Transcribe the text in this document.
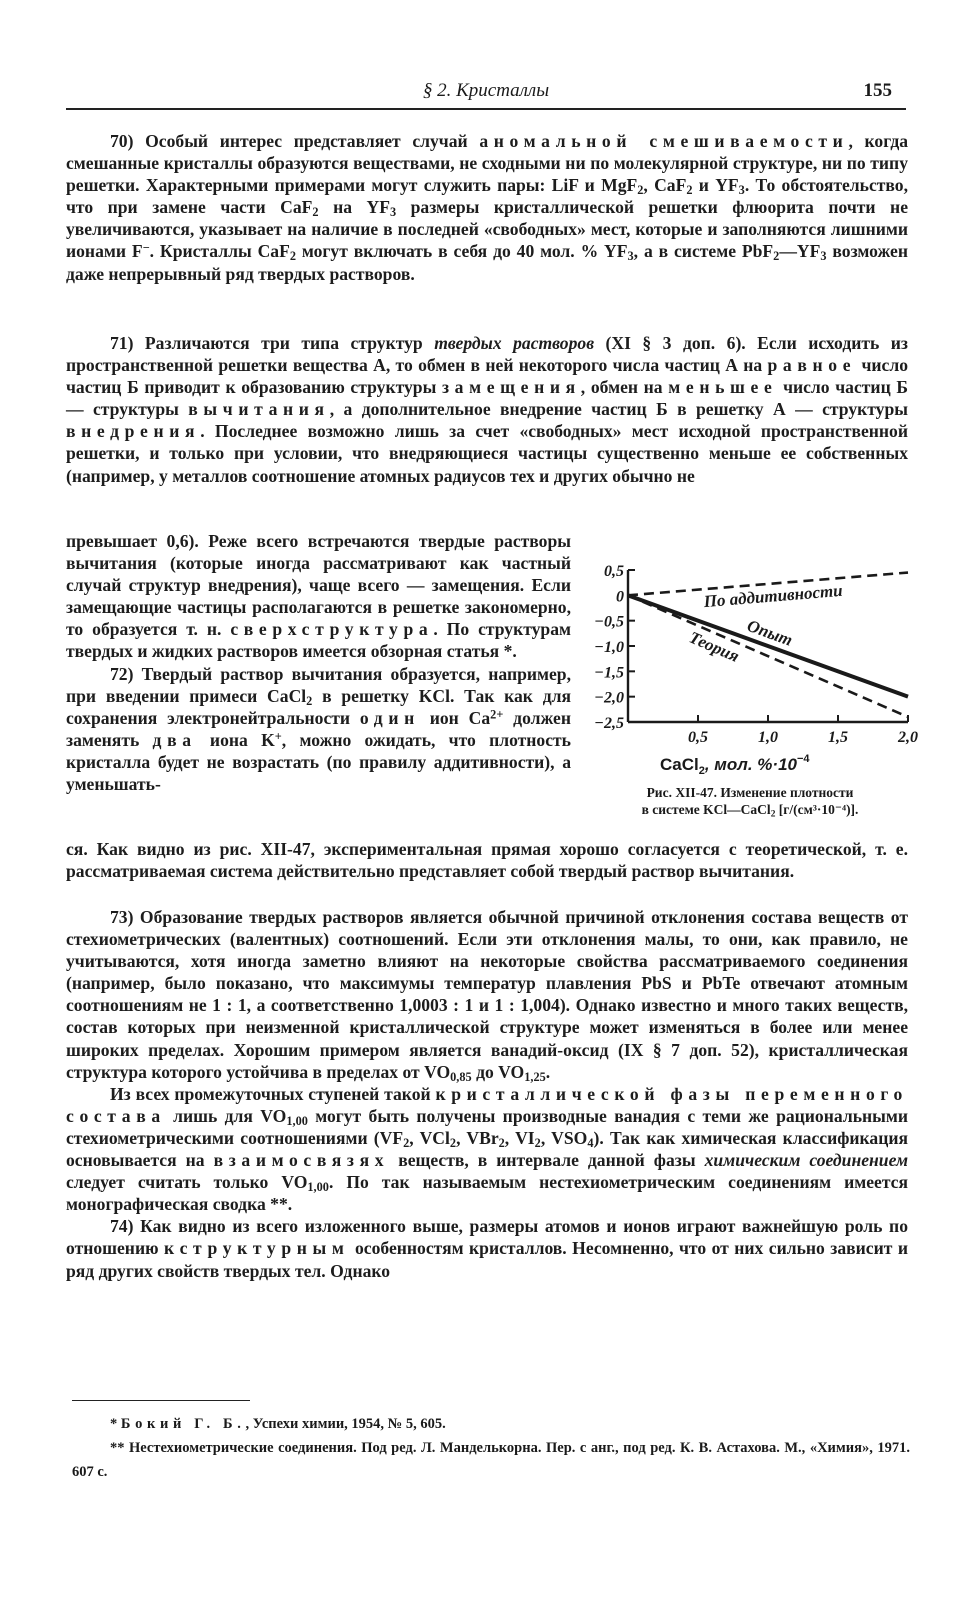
§ 2. Кристаллы	155

70) Особый интерес представляет случай аномальной смешиваемости, когда смешанные кристаллы образуются веществами, не сходными ни по молекулярной структуре, ни по типу решетки. Характерными примерами могут служить пары: LiF и MgF$_2$, CaF$_2$ и $YF_3$. То обстоятельство, что при замене части CaF$_2$ на $YF_3$ размеры кристаллической решетки флюорита почти не увеличиваются, указывает на наличие в последней «свободных» мест, которые и заполняются лишними ионами F−. Кристаллы CaF$_2$ могут включать в себя до 40 мол. % $YF_3$, а в системе $PbF_2—YF_3$ возможен даже непрерывный ряд твердых растворов.

71) Различаются три типа структур твердых растворов (XI § 3 доп. 6). Если исходить из пространственной решетки вещества А, то обмен в ней некоторого числа частиц А на равное число частиц Б приводит к образованию структуры замещения, обмен на меньшее число частиц Б — структуры вычитания, а дополнительное внедрение частиц Б в решетку А — структуры внедрения. Последнее возможно лишь за счет «свободных» мест исходной пространственной решетки, и только при условии, что внедряющиеся частицы существенно меньше ее собственных (например, у металлов соотношение атомных радиусов тех и других обычно не

превышает 0,6). Реже всего встречаются твердые растворы вычитания (которые иногда рассматривают как частный случай структур внедрения), чаще всего — замещения. Если замещающие частицы располагаются в решетке закономерно, то образуется т. н. сверхструктура. По структурам твердых и жидких растворов имеется обзорная статья *.

72) Твердый раствор вычитания образуется, например, при введении примеси CaCl$_2$ в решетку KCl. Так как для сохранения электронейтральности один ион $Ca^{2+}$ должен заменять два иона K+, можно ожидать, что плотность кристалла будет не возрастать (по правилу аддитивности), а уменьшать-

ся. Как видно из рис. XII-47, экспериментальная прямая хорошо согласуется с теоретической, т. е. рассматриваемая система действительно представляет собой твердый раствор вычитания.

73) Образование твердых растворов является обычной причиной отклонения состава веществ от стехиометрических (валентных) соотношений. Если эти отклонения малы, то они, как правило, не учитываются, хотя иногда заметно влияют на некоторые свойства рассматриваемого соединения (например, было показано, что максимумы температур плавления PbS и PbTe отвечают атомным соотношениям не 1 : 1, а соответственно 1,0003 : 1 и 1 : 1,004). Однако известно и много таких веществ, состав которых при неизменной кристаллической структуре может изменяться в более или менее широких пределах. Хорошим примером является ванадий-оксид (IX § 7 доп. 52), кристаллическая структура которого устойчива в пределах от $VO_{0,85}$ до $VO_{1,25}$.

Из всех промежуточных ступеней такой кристаллической фазы переменного состава лишь для $VO_{1,00}$ могут быть получены производные ванадия с теми же рациональными стехиометрическими соотношениями ($VF_2$, VCl$_2$, VBr$_2$, $VI_2$, $VSO_4$). Так как химическая классификация основывается на взаимосвязях веществ, в интервале данной фазы химическим соединением следует считать только $VO_{1,00}$. По так называемым нестехиометрическим соединениям имеется монографическая сводка **.

74) Как видно из всего изложенного выше, размеры атомов и ионов играют важнейшую роль по отношению к структурным особенностям кристаллов. Несомненно, что от них сильно зависит и ряд других свойств твердых тел. Однако

0,5
0
−0,5
−1,0
−1,5
−2,0
−2,5
0,5	1,0	1,5	2,0
По аддитивности
Опыт
Теория
CaCl$_2$, мол. $\%\cdot 10^{-4}$
Рис. XII-47. Изменение плотности
в системе KCl—CaCl$_2$ [г/(см³·10⁻⁴)].

* Бокий Г. Б., Успехи химии, 1954, № 5, 605.

** Нестехиометрические соединения. Под ред. Л. Манделькорна. Пер. с анг., под ред. К. В. Астахова. М., «Химия», 1971. 607 с.
